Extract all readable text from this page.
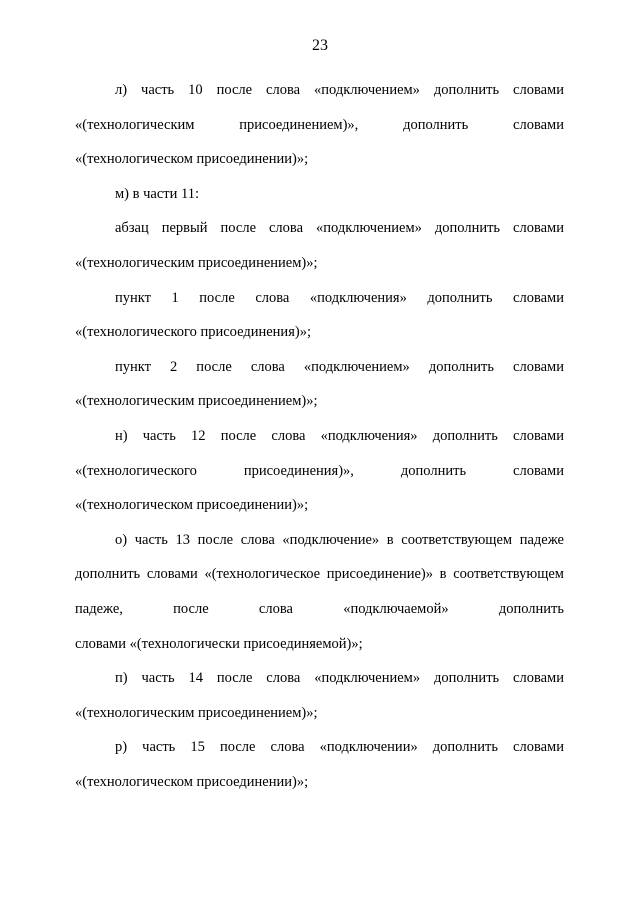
23

л) часть 10 после слова «подключением» дополнить словами «(технологическим присоединением)», дополнить словами

«(технологическом присоединении)»;

м) в части 11:

абзац первый после слова «подключением» дополнить словами

«(технологическим присоединением)»;

пункт 1 после слова «подключения» дополнить словами

«(технологического присоединения)»;

пункт 2 после слова «подключением» дополнить словами

«(технологическим присоединением)»;

н) часть 12 после слова «подключения» дополнить словами «(технологического присоединения)», дополнить словами

«(технологическом присоединении)»;

о) часть 13 после слова «подключение» в соответствующем падеже дополнить словами «(технологическое присоединение)» в соответствующем падеже, после слова «подключаемой» дополнить

словами «(технологически присоединяемой)»;

п) часть 14 после слова «подключением» дополнить словами

«(технологическим присоединением)»;

р) часть 15 после слова «подключении» дополнить словами

«(технологическом присоединении)»;
